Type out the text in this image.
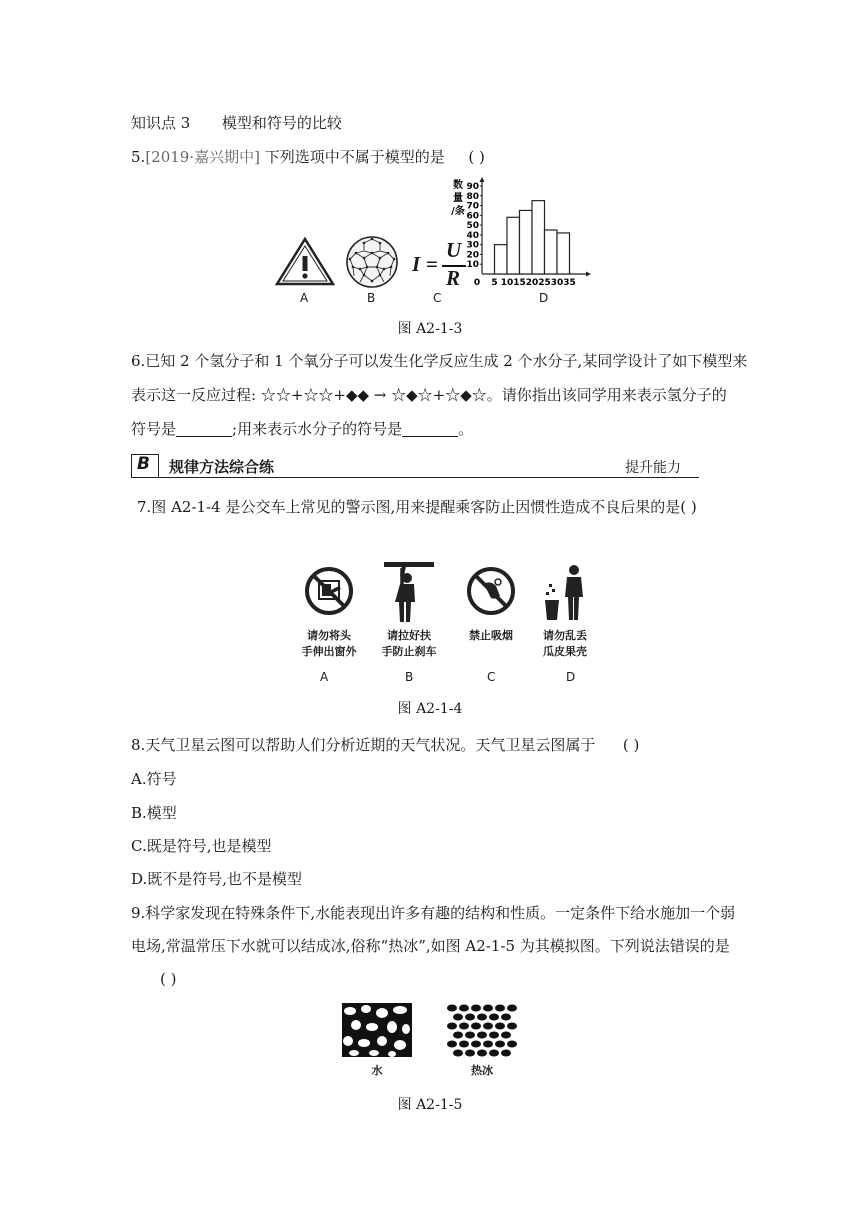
知识点 3 模型和符号的比较
5.[2019·嘉兴期中] 下列选项中不属于模型的是 ( )
A	B
I =
U
R
C
10
20
30
40
50
60
70
80
90
数
量
/条
0 5 10 15 20 25 30 35
D
图 A2-1-3
6.已知 2 个氢分子和 1 个氧分子可以发生化学反应生成 2 个水分子,某同学设计了如下模型来
表示这一反应过程: ☆☆+☆☆+◆◆ → ☆◆☆+☆◆☆。请你指出该同学用来表示氢分子的
符号是	;用来表示水分子的符号是	。
B 规律方法综合练	提升能力
7.图 A2-1-4 是公交车上常见的警示图,用来提醒乘客防止因惯性造成不良后果的是( )
请勿将头
手伸出窗外
请拉好扶
手防止刹车
禁止吸烟	请勿乱丢
瓜皮果壳
A	B	C	D
图 A2-1-4
8.天气卫星云图可以帮助人们分析近期的天气状况。天气卫星云图属于 ( )
A.符号
B.模型
C.既是符号,也是模型
D.既不是符号,也不是模型
9.科学家发现在特殊条件下,水能表现出许多有趣的结构和性质。一定条件下给水施加一个弱
电场,常温常压下水就可以结成冰,俗称“热冰”,如图 A2-1-5 为其模拟图。下列说法错误的是
( )
水	热冰
图 A2-1-5
